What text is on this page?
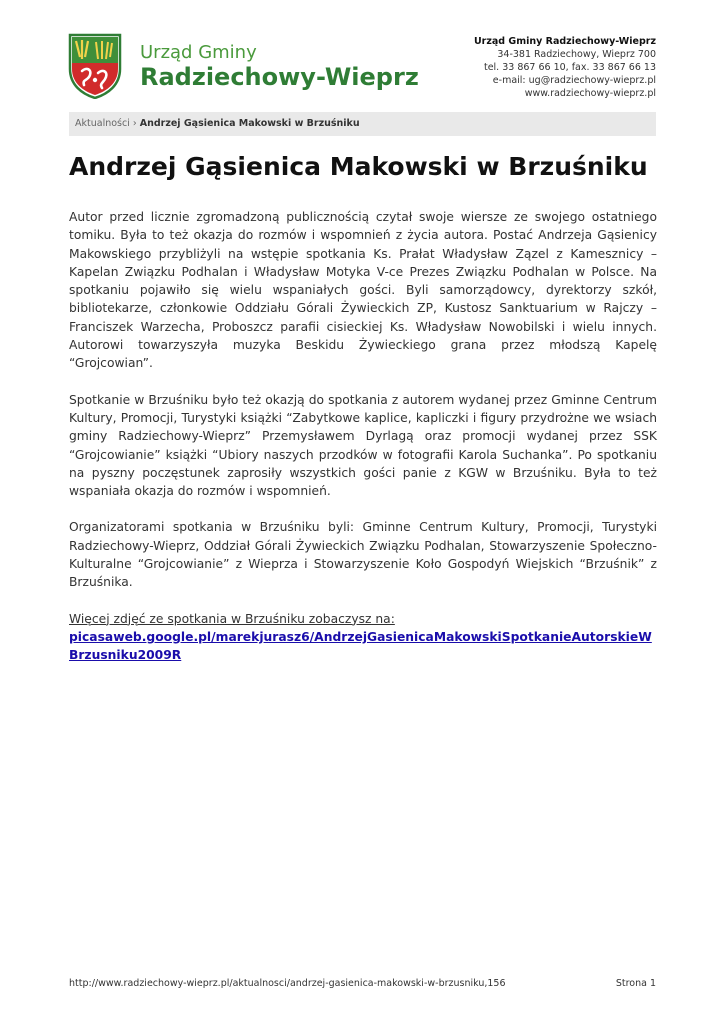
Urząd Gminy
Radziechowy-Wieprz
Urząd Gminy Radziechowy-Wieprz
34-381 Radziechowy, Wieprz 700
tel. 33 867 66 10, fax. 33 867 66 13
e-mail: ug@radziechowy-wieprz.pl
www.radziechowy-wieprz.pl
Aktualności › Andrzej Gąsienica Makowski w Brzuśniku
Andrzej Gąsienica Makowski w Brzuśniku

Autor przed licznie zgromadzoną publicznością czytał swoje wiersze ze swojego ostatniego tomiku. Była to też okazja do rozmów i wspomnień z życia autora. Postać Andrzeja Gąsienicy Makowskiego przybliżyli na wstępie spotkania Ks. Prałat Władysław Zązel z Kamesznicy – Kapelan Związku Podhalan i Władysław Motyka V-ce Prezes Związku Podhalan w Polsce. Na spotkaniu pojawiło się wielu wspaniałych gości. Byli samorządowcy, dyrektorzy szkół, bibliotekarze, członkowie Oddziału Górali Żywieckich ZP, Kustosz Sanktuarium w Rajczy – Franciszek Warzecha, Proboszcz parafii cisieckiej Ks. Władysław Nowobilski i wielu innych. Autorowi towarzyszyła muzyka Beskidu Żywieckiego grana przez młodszą Kapelę “Grojcowian”.

Spotkanie w Brzuśniku było też okazją do spotkania z autorem wydanej przez Gminne Centrum Kultury, Promocji, Turystyki książki “Zabytkowe kaplice, kapliczki i figury przydrożne we wsiach gminy Radziechowy-Wieprz” Przemysławem Dyrlagą oraz promocji wydanej przez SSK “Grojcowianie” książki “Ubiory naszych przodków w fotografii Karola Suchanka”. Po spotkaniu na pyszny poczęstunek zaprosiły wszystkich gości panie z KGW w Brzuśniku. Była to też wspaniała okazja do rozmów i wspomnień.

Organizatorami spotkania w Brzuśniku byli: Gminne Centrum Kultury, Promocji, Turystyki Radziechowy-Wieprz, Oddział Górali Żywieckich Związku Podhalan, Stowarzyszenie Społeczno-Kulturalne “Grojcowianie” z Wieprza i Stowarzyszenie Koło Gospodyń Wiejskich “Brzuśnik” z Brzuśnika.

Więcej zdjęć ze spotkania w Brzuśniku zobaczysz na:
picasaweb.google.pl/marekjurasz6/AndrzejGasienicaMakowskiSpotkanieAutorskieWBrzusniku2009R

http://www.radziechowy-wieprz.pl/aktualnosci/andrzej-gasienica-makowski-w-brzusniku,156	Strona 1
